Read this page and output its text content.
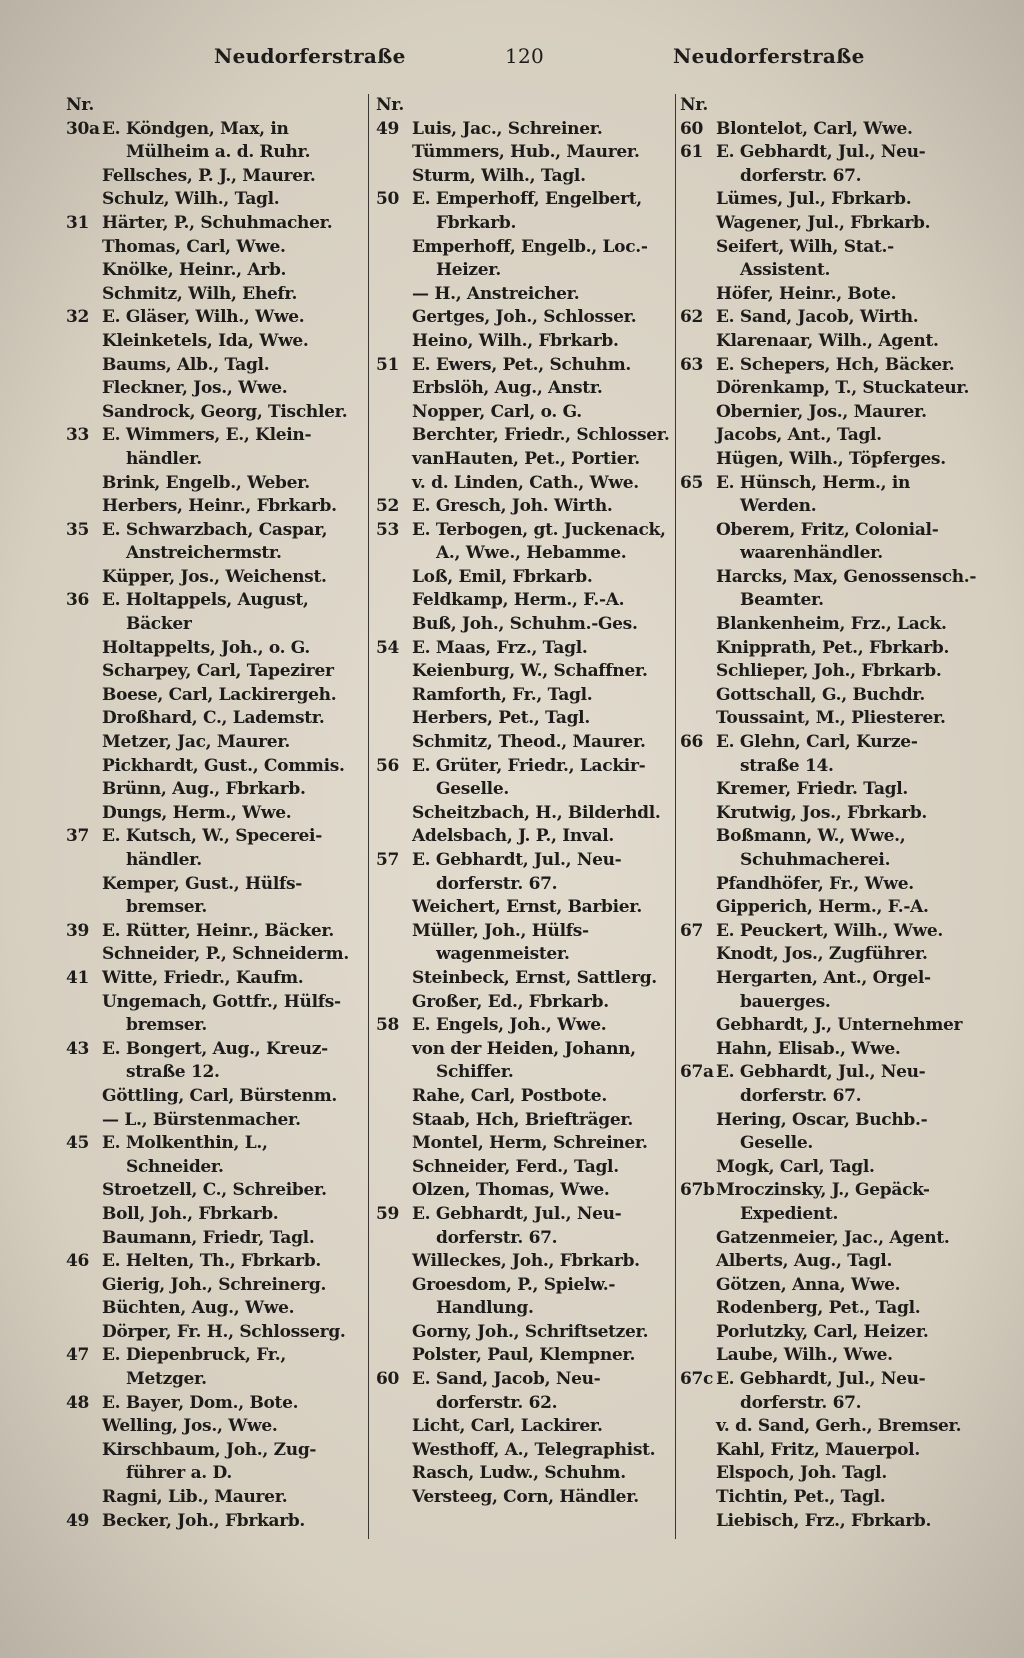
Neudorferstraße	120	Neudorferstraße
Nr.
30a E. Köndgen, Max, in
Mülheim a. d. Ruhr.
Fellsches, P. J., Maurer.
Schulz, Wilh., Tagl.
31 Härter, P., Schuhmacher.
Thomas, Carl, Wwe.
Knölke, Heinr., Arb.
Schmitz, Wilh, Ehefr.
32 E. Gläser, Wilh., Wwe.
Kleinketels, Ida, Wwe.
Baums, Alb., Tagl.
Fleckner, Jos., Wwe.
Sandrock, Georg, Tischler.
33 E. Wimmers, E., Klein-
händler.
Brink, Engelb., Weber.
Herbers, Heinr., Fbrkarb.
35 E. Schwarzbach, Caspar,
Anstreichermstr.
Küpper, Jos., Weichenst.
36 E. Holtappels, August,
Bäcker
Holtappelts, Joh., o. G.
Scharpey, Carl, Tapezirer
Boese, Carl, Lackirergeh.
Droßhard, C., Lademstr.
Metzer, Jac, Maurer.
Pickhardt, Gust., Commis.
Brünn, Aug., Fbrkarb.
Dungs, Herm., Wwe.
37 E. Kutsch, W., Specerei-
händler.
Kemper, Gust., Hülfs-
bremser.
39 E. Rütter, Heinr., Bäcker.
Schneider, P., Schneiderm.
41 Witte, Friedr., Kaufm.
Ungemach, Gottfr., Hülfs-
bremser.
43 E. Bongert, Aug., Kreuz-
straße 12.
Göttling, Carl, Bürstenm.
— L., Bürstenmacher.
45 E. Molkenthin, L.,
Schneider.
Stroetzell, C., Schreiber.
Boll, Joh., Fbrkarb.
Baumann, Friedr, Tagl.
46 E. Helten, Th., Fbrkarb.
Gierig, Joh., Schreinerg.
Büchten, Aug., Wwe.
Dörper, Fr. H., Schlosserg.
47 E. Diepenbruck, Fr.,
Metzger.
48 E. Bayer, Dom., Bote.
Welling, Jos., Wwe.
Kirschbaum, Joh., Zug-
führer a. D.
Ragni, Lib., Maurer.
49 Becker, Joh., Fbrkarb.
Nr.
49 Luis, Jac., Schreiner.
Tümmers, Hub., Maurer.
Sturm, Wilh., Tagl.
50 E. Emperhoff, Engelbert,
Fbrkarb.
Emperhoff, Engelb., Loc.-
Heizer.
— H., Anstreicher.
Gertges, Joh., Schlosser.
Heino, Wilh., Fbrkarb.
51 E. Ewers, Pet., Schuhm.
Erbslöh, Aug., Anstr.
Nopper, Carl, o. G.
Berchter, Friedr., Schlosser.
vanHauten, Pet., Portier.
v. d. Linden, Cath., Wwe.
52 E. Gresch, Joh. Wirth.
53 E. Terbogen, gt. Juckenack,
A., Wwe., Hebamme.
Loß, Emil, Fbrkarb.
Feldkamp, Herm., F.-A.
Buß, Joh., Schuhm.-Ges.
54 E. Maas, Frz., Tagl.
Keienburg, W., Schaffner.
Ramforth, Fr., Tagl.
Herbers, Pet., Tagl.
Schmitz, Theod., Maurer.
56 E. Grüter, Friedr., Lackir-
Geselle.
Scheitzbach, H., Bilderhdl.
Adelsbach, J. P., Inval.
57 E. Gebhardt, Jul., Neu-
dorferstr. 67.
Weichert, Ernst, Barbier.
Müller, Joh., Hülfs-
wagenmeister.
Steinbeck, Ernst, Sattlerg.
Großer, Ed., Fbrkarb.
58 E. Engels, Joh., Wwe.
von der Heiden, Johann,
Schiffer.
Rahe, Carl, Postbote.
Staab, Hch, Briefträger.
Montel, Herm, Schreiner.
Schneider, Ferd., Tagl.
Olzen, Thomas, Wwe.
59 E. Gebhardt, Jul., Neu-
dorferstr. 67.
Willeckes, Joh., Fbrkarb.
Groesdom, P., Spielw.-
Handlung.
Gorny, Joh., Schriftsetzer.
Polster, Paul, Klempner.
60 E. Sand, Jacob, Neu-
dorferstr. 62.
Licht, Carl, Lackirer.
Westhoff, A., Telegraphist.
Rasch, Ludw., Schuhm.
Versteeg, Corn, Händler.
Nr.
60 Blontelot, Carl, Wwe.
61 E. Gebhardt, Jul., Neu-
dorferstr. 67.
Lümes, Jul., Fbrkarb.
Wagener, Jul., Fbrkarb.
Seifert, Wilh, Stat.-
Assistent.
Höfer, Heinr., Bote.
62 E. Sand, Jacob, Wirth.
Klarenaar, Wilh., Agent.
63 E. Schepers, Hch, Bäcker.
Dörenkamp, T., Stuckateur.
Obernier, Jos., Maurer.
Jacobs, Ant., Tagl.
Hügen, Wilh., Töpferges.
65 E. Hünsch, Herm., in
Werden.
Oberem, Fritz, Colonial-
waarenhändler.
Harcks, Max, Genossensch.-
Beamter.
Blankenheim, Frz., Lack.
Knipprath, Pet., Fbrkarb.
Schlieper, Joh., Fbrkarb.
Gottschall, G., Buchdr.
Toussaint, M., Pliesterer.
66 E. Glehn, Carl, Kurze-
straße 14.
Kremer, Friedr. Tagl.
Krutwig, Jos., Fbrkarb.
Boßmann, W., Wwe.,
Schuhmacherei.
Pfandhöfer, Fr., Wwe.
Gipperich, Herm., F.-A.
67 E. Peuckert, Wilh., Wwe.
Knodt, Jos., Zugführer.
Hergarten, Ant., Orgel-
bauerges.
Gebhardt, J., Unternehmer
Hahn, Elisab., Wwe.
67a E. Gebhardt, Jul., Neu-
dorferstr. 67.
Hering, Oscar, Buchb.-
Geselle.
Mogk, Carl, Tagl.
67b Mroczinsky, J., Gepäck-
Expedient.
Gatzenmeier, Jac., Agent.
Alberts, Aug., Tagl.
Götzen, Anna, Wwe.
Rodenberg, Pet., Tagl.
Porlutzky, Carl, Heizer.
Laube, Wilh., Wwe.
67c E. Gebhardt, Jul., Neu-
dorferstr. 67.
v. d. Sand, Gerh., Bremser.
Kahl, Fritz, Mauerpol.
Elspoch, Joh. Tagl.
Tichtin, Pet., Tagl.
Liebisch, Frz., Fbrkarb.
